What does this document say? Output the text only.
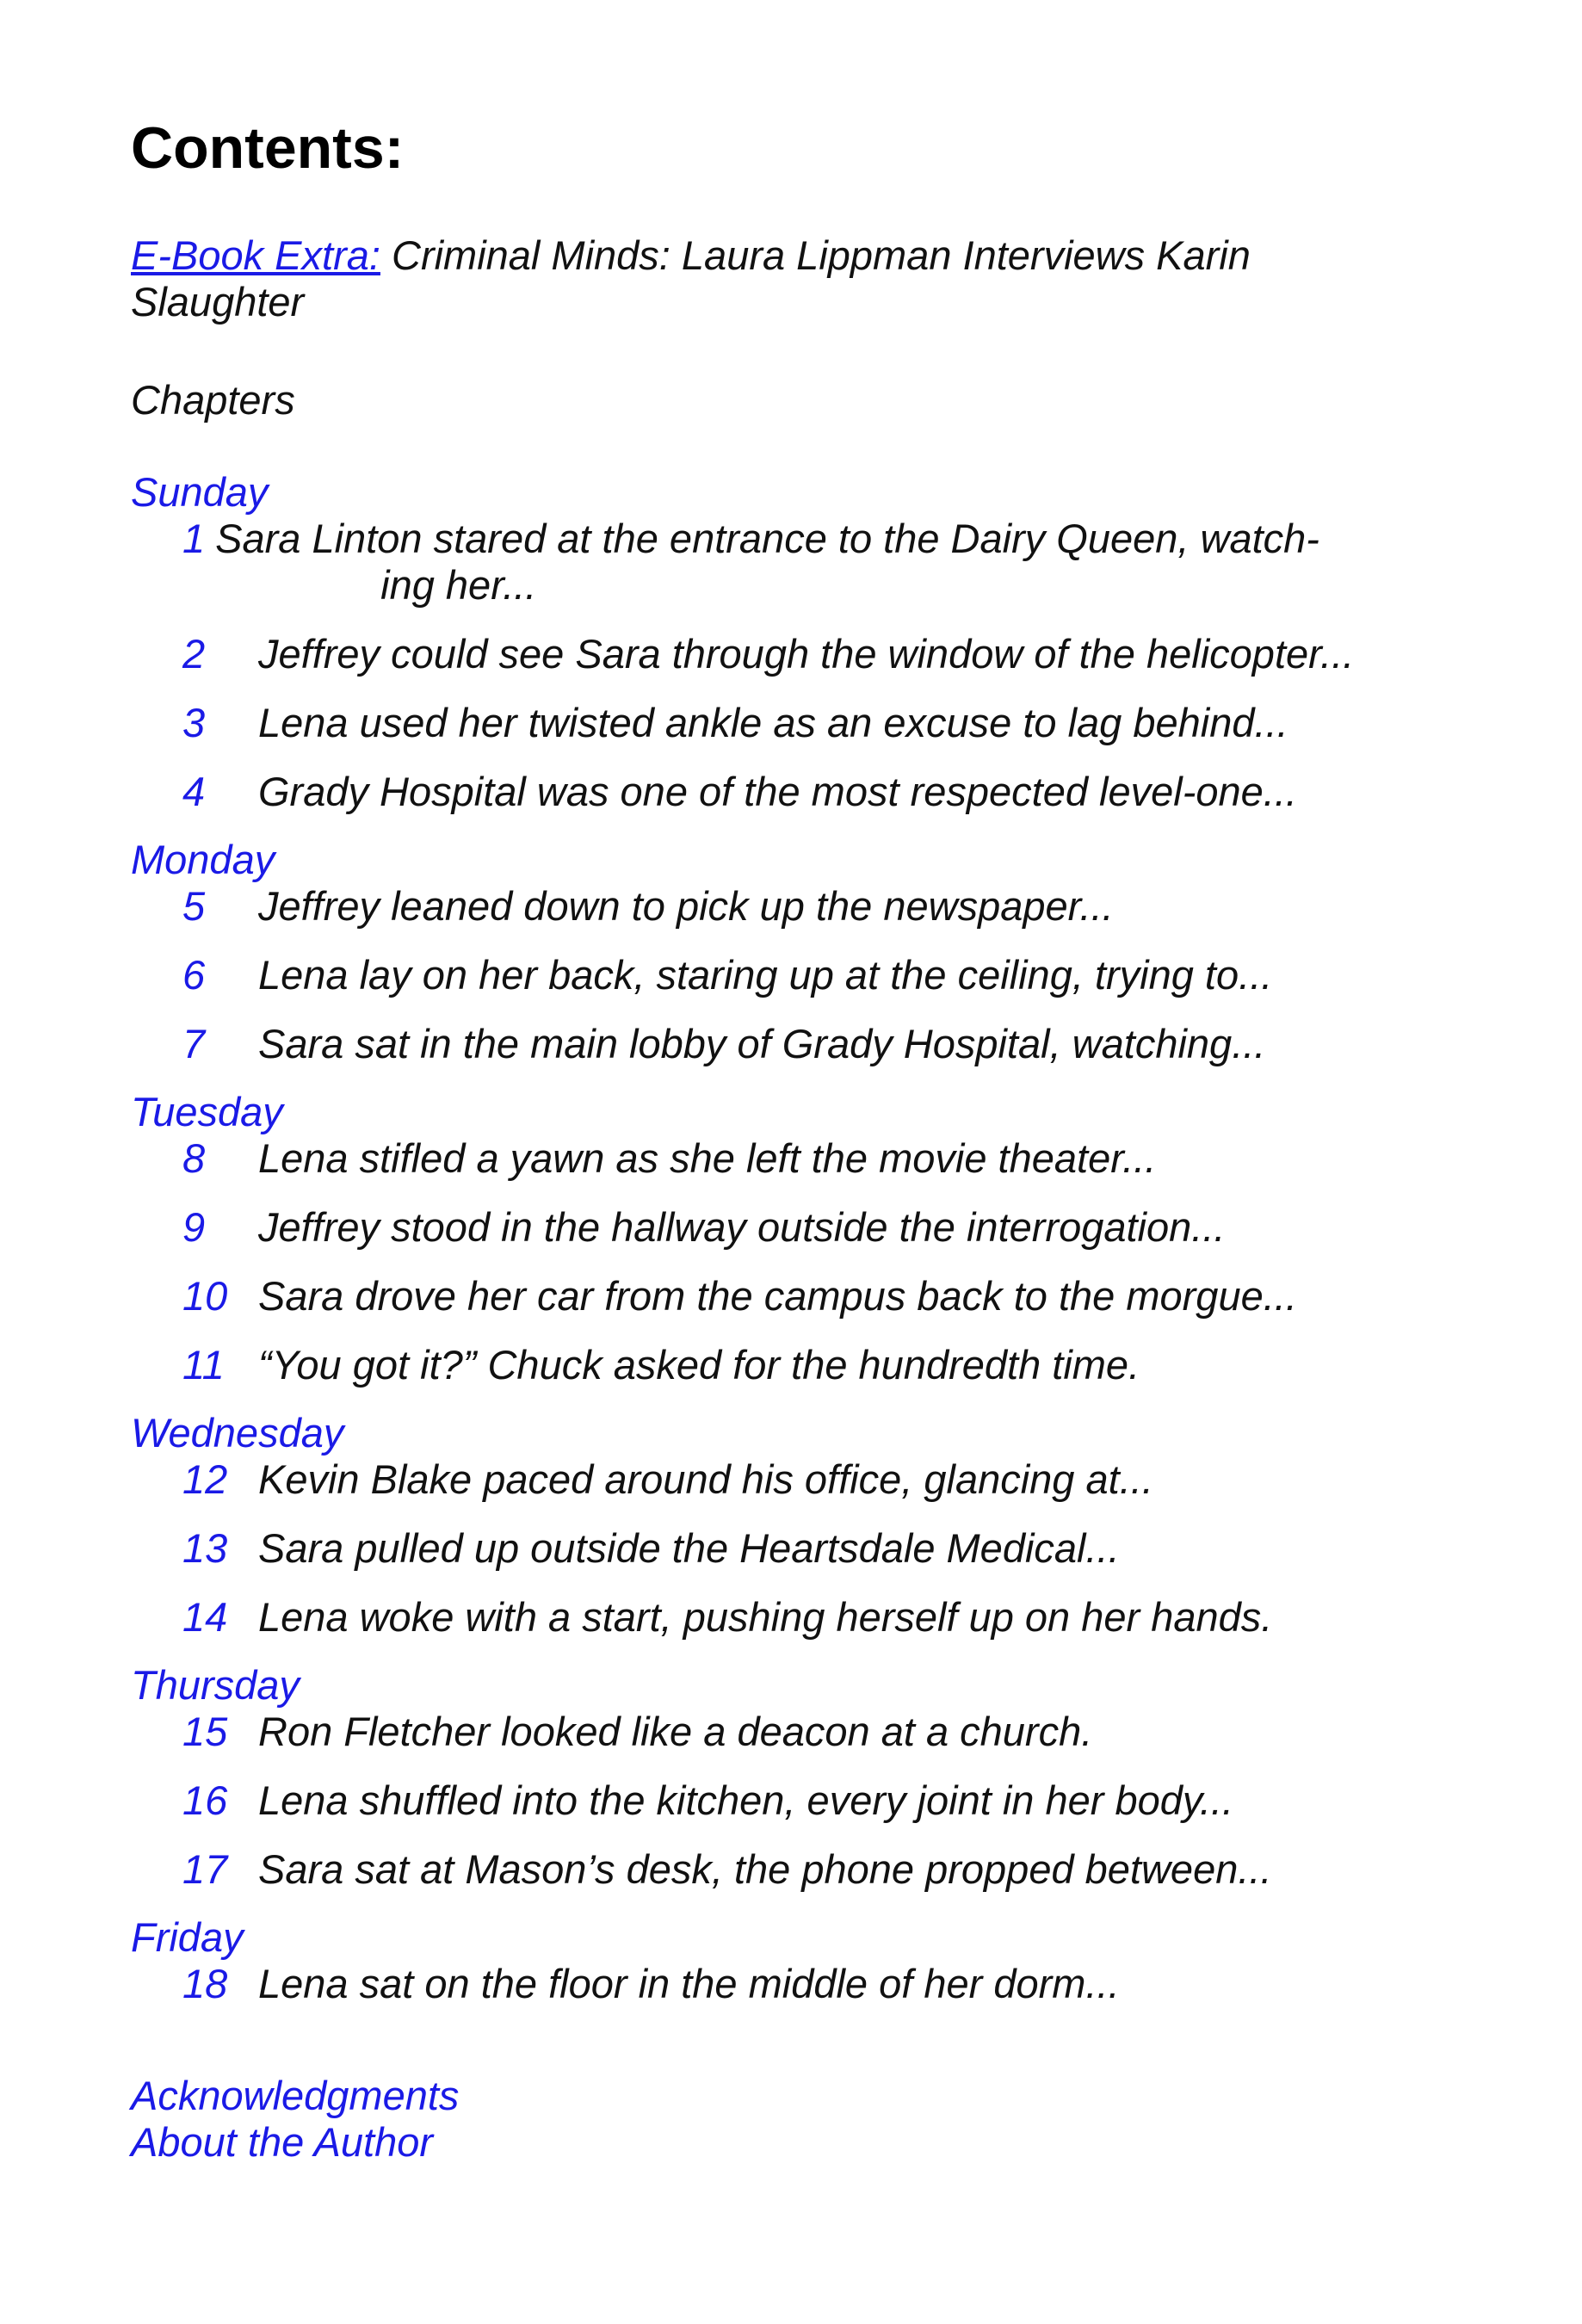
Contents:
E-Book Extra: Criminal Minds: Laura Lippman Interviews Karin Slaughter
Chapters
Sunday
1 Sara Linton stared at the entrance to the Dairy Queen, watch-
ing her...
2	Jeffrey could see Sara through the window of the helicopter...
3	Lena used her twisted ankle as an excuse to lag behind...
4	Grady Hospital was one of the most respected level-one...
Monday
5	Jeffrey leaned down to pick up the newspaper...
6	Lena lay on her back, staring up at the ceiling, trying to...
7	Sara sat in the main lobby of Grady Hospital, watching...
Tuesday
8	Lena stifled a yawn as she left the movie theater...
9	Jeffrey stood in the hallway outside the interrogation...
10 Sara drove her car from the campus back to the morgue...
11 “You got it?” Chuck asked for the hundredth time.
Wednesday
12 Kevin Blake paced around his office, glancing at...
13 Sara pulled up outside the Heartsdale Medical...
14 Lena woke with a start, pushing herself up on her hands.
Thursday
15 Ron Fletcher looked like a deacon at a church.
16 Lena shuffled into the kitchen, every joint in her body...
17 Sara sat at Mason’s desk, the phone propped between...
Friday
18 Lena sat on the floor in the middle of her dorm...
Acknowledgments
About the Author
